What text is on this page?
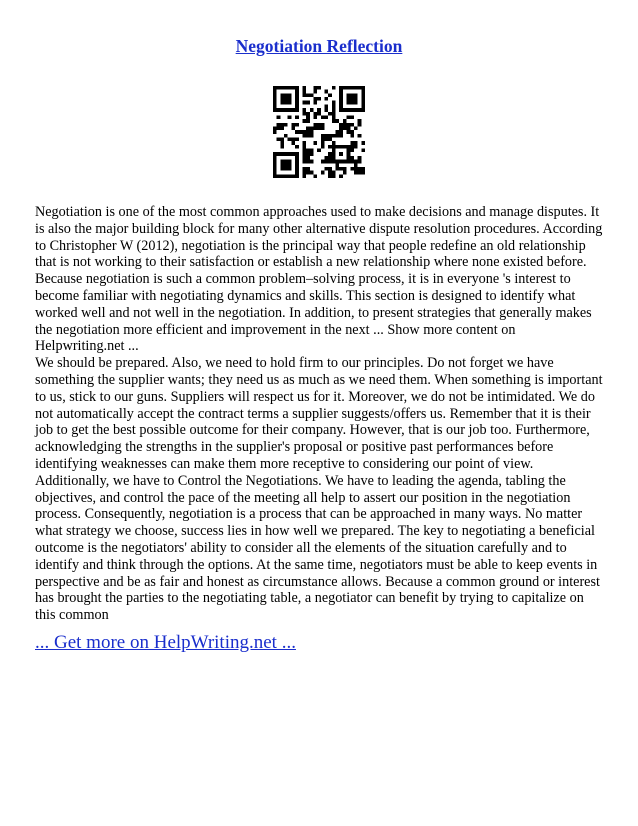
Negotiation Reflection

Negotiation is one of the most common approaches used to make decisions and manage disputes. It is also the major building block for many other alternative dispute resolution procedures. According to Christopher W (2012), negotiation is the principal way that people redefine an old relationship that is not working to their satisfaction or establish a new relationship where none existed before. Because negotiation is such a common problem–solving process, it is in everyone 's interest to become familiar with negotiating dynamics and skills. This section is designed to identify what worked well and not well in the negotiation. In addition, to present strategies that generally makes the negotiation more efficient and improvement in the next ... Show more content on Helpwriting.net ...

We should be prepared. Also, we need to hold firm to our principles. Do not forget we have something the supplier wants; they need us as much as we need them. When something is important to us, stick to our guns. Suppliers will respect us for it. Moreover, we do not be intimidated. We do not automatically accept the contract terms a supplier suggests/offers us. Remember that it is their job to get the best possible outcome for their company. However, that is our job too. Furthermore, acknowledging the strengths in the supplier's proposal or positive past performances before identifying weaknesses can make them more receptive to considering our point of view. Additionally, we have to Control the Negotiations. We have to leading the agenda, tabling the objectives, and control the pace of the meeting all help to assert our position in the negotiation process. Consequently, negotiation is a process that can be approached in many ways. No matter what strategy we choose, success lies in how well we prepared. The key to negotiating a beneficial outcome is the negotiators' ability to consider all the elements of the situation carefully and to identify and think through the options. At the same time, negotiators must be able to keep events in perspective and be as fair and honest as circumstance allows. Because a common ground or interest has brought the parties to the negotiating table, a negotiator can benefit by trying to capitalize on this common

... Get more on HelpWriting.net ...
